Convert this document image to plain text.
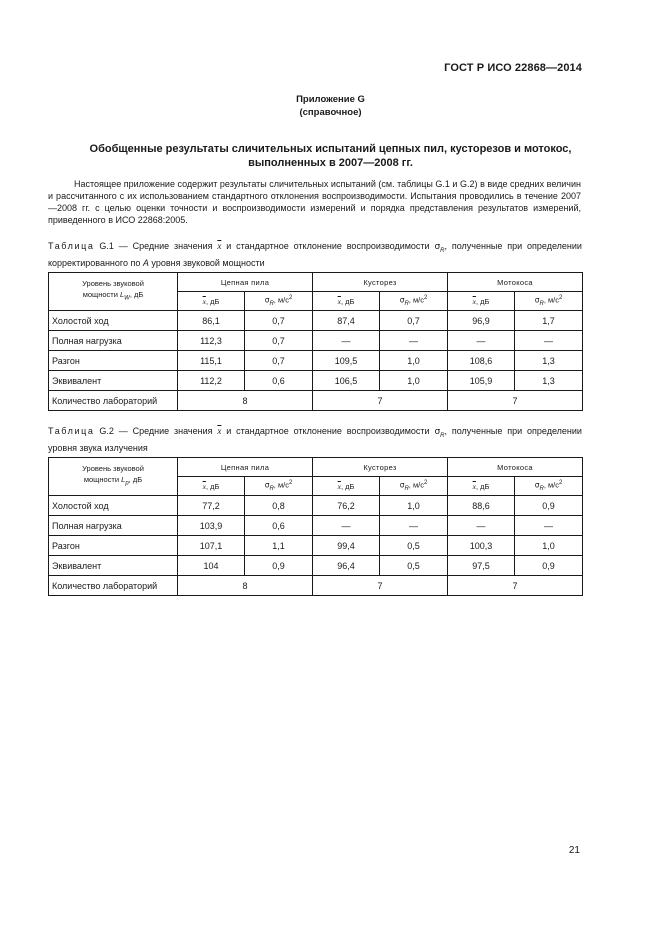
ГОСТ Р ИСО 22868—2014
Приложение G
(справочное)
Обобщенные результаты сличительных испытаний цепных пил, кусторезов и мотокос,
выполненных в 2007—2008 гг.

Настоящее приложение содержит результаты сличительных испытаний (см. таблицы G.1 и G.2) в виде средних величин и рассчитанного с их использованием стандартного отклонения воспроизводимости. Испытания проводились в течение 2007—2008 гг. с целью оценки точности и воспроизводимости измерений и порядка представления результатов измерений, приведенного в ИСО 22868:2005.

Таблица G.1 — Средние значения $\overline{x}$ и стандартное отклонение воспроизводимости $\sigma_R$, полученные при определении корректированного по A уровня звуковой мощности
Уровень звуковой
мощности $L_W$, дБ	Цепная пила		Кусторез		Мотокоса	
	$\overline{x}$, дБ	$\sigma_R$, $м/с^2$	$\overline{x}$, дБ	$\sigma_R$, $м/с^2$	$\overline{x}$, дБ	$\sigma_R$, $м/с^2$
Холостой ход	86,1	0,7	87,4	0,7	96,9	1,7
Полная нагрузка	112,3	0,7	—	—	—	—
Разгон	115,1	0,7	109,5	1,0	108,6	1,3
Эквивалент	112,2	0,6	106,5	1,0	105,9	1,3
Количество лабораторий	8		7		7	
Таблица G.2 — Средние значения $\overline{x}$ и стандартное отклонение воспроизводимости $\sigma_R$, полученные при определении уровня звука излучения
Уровень звуковой
мощности $L_p$, дБ	Цепная пила		Кусторез		Мотокоса	
	$\overline{x}$, дБ	$\sigma_R$, $м/с^2$	$\overline{x}$, дБ	$\sigma_R$, $м/с^2$	$\overline{x}$, дБ	$\sigma_R$, $м/с^2$
Холостой ход	77,2	0,8	76,2	1,0	88,6	0,9
Полная нагрузка	103,9	0,6	—	—	—	—
Разгон	107,1	1,1	99,4	0,5	100,3	1,0
Эквивалент	104	0,9	96,4	0,5	97,5	0,9
Количество лабораторий	8		7		7	
21
